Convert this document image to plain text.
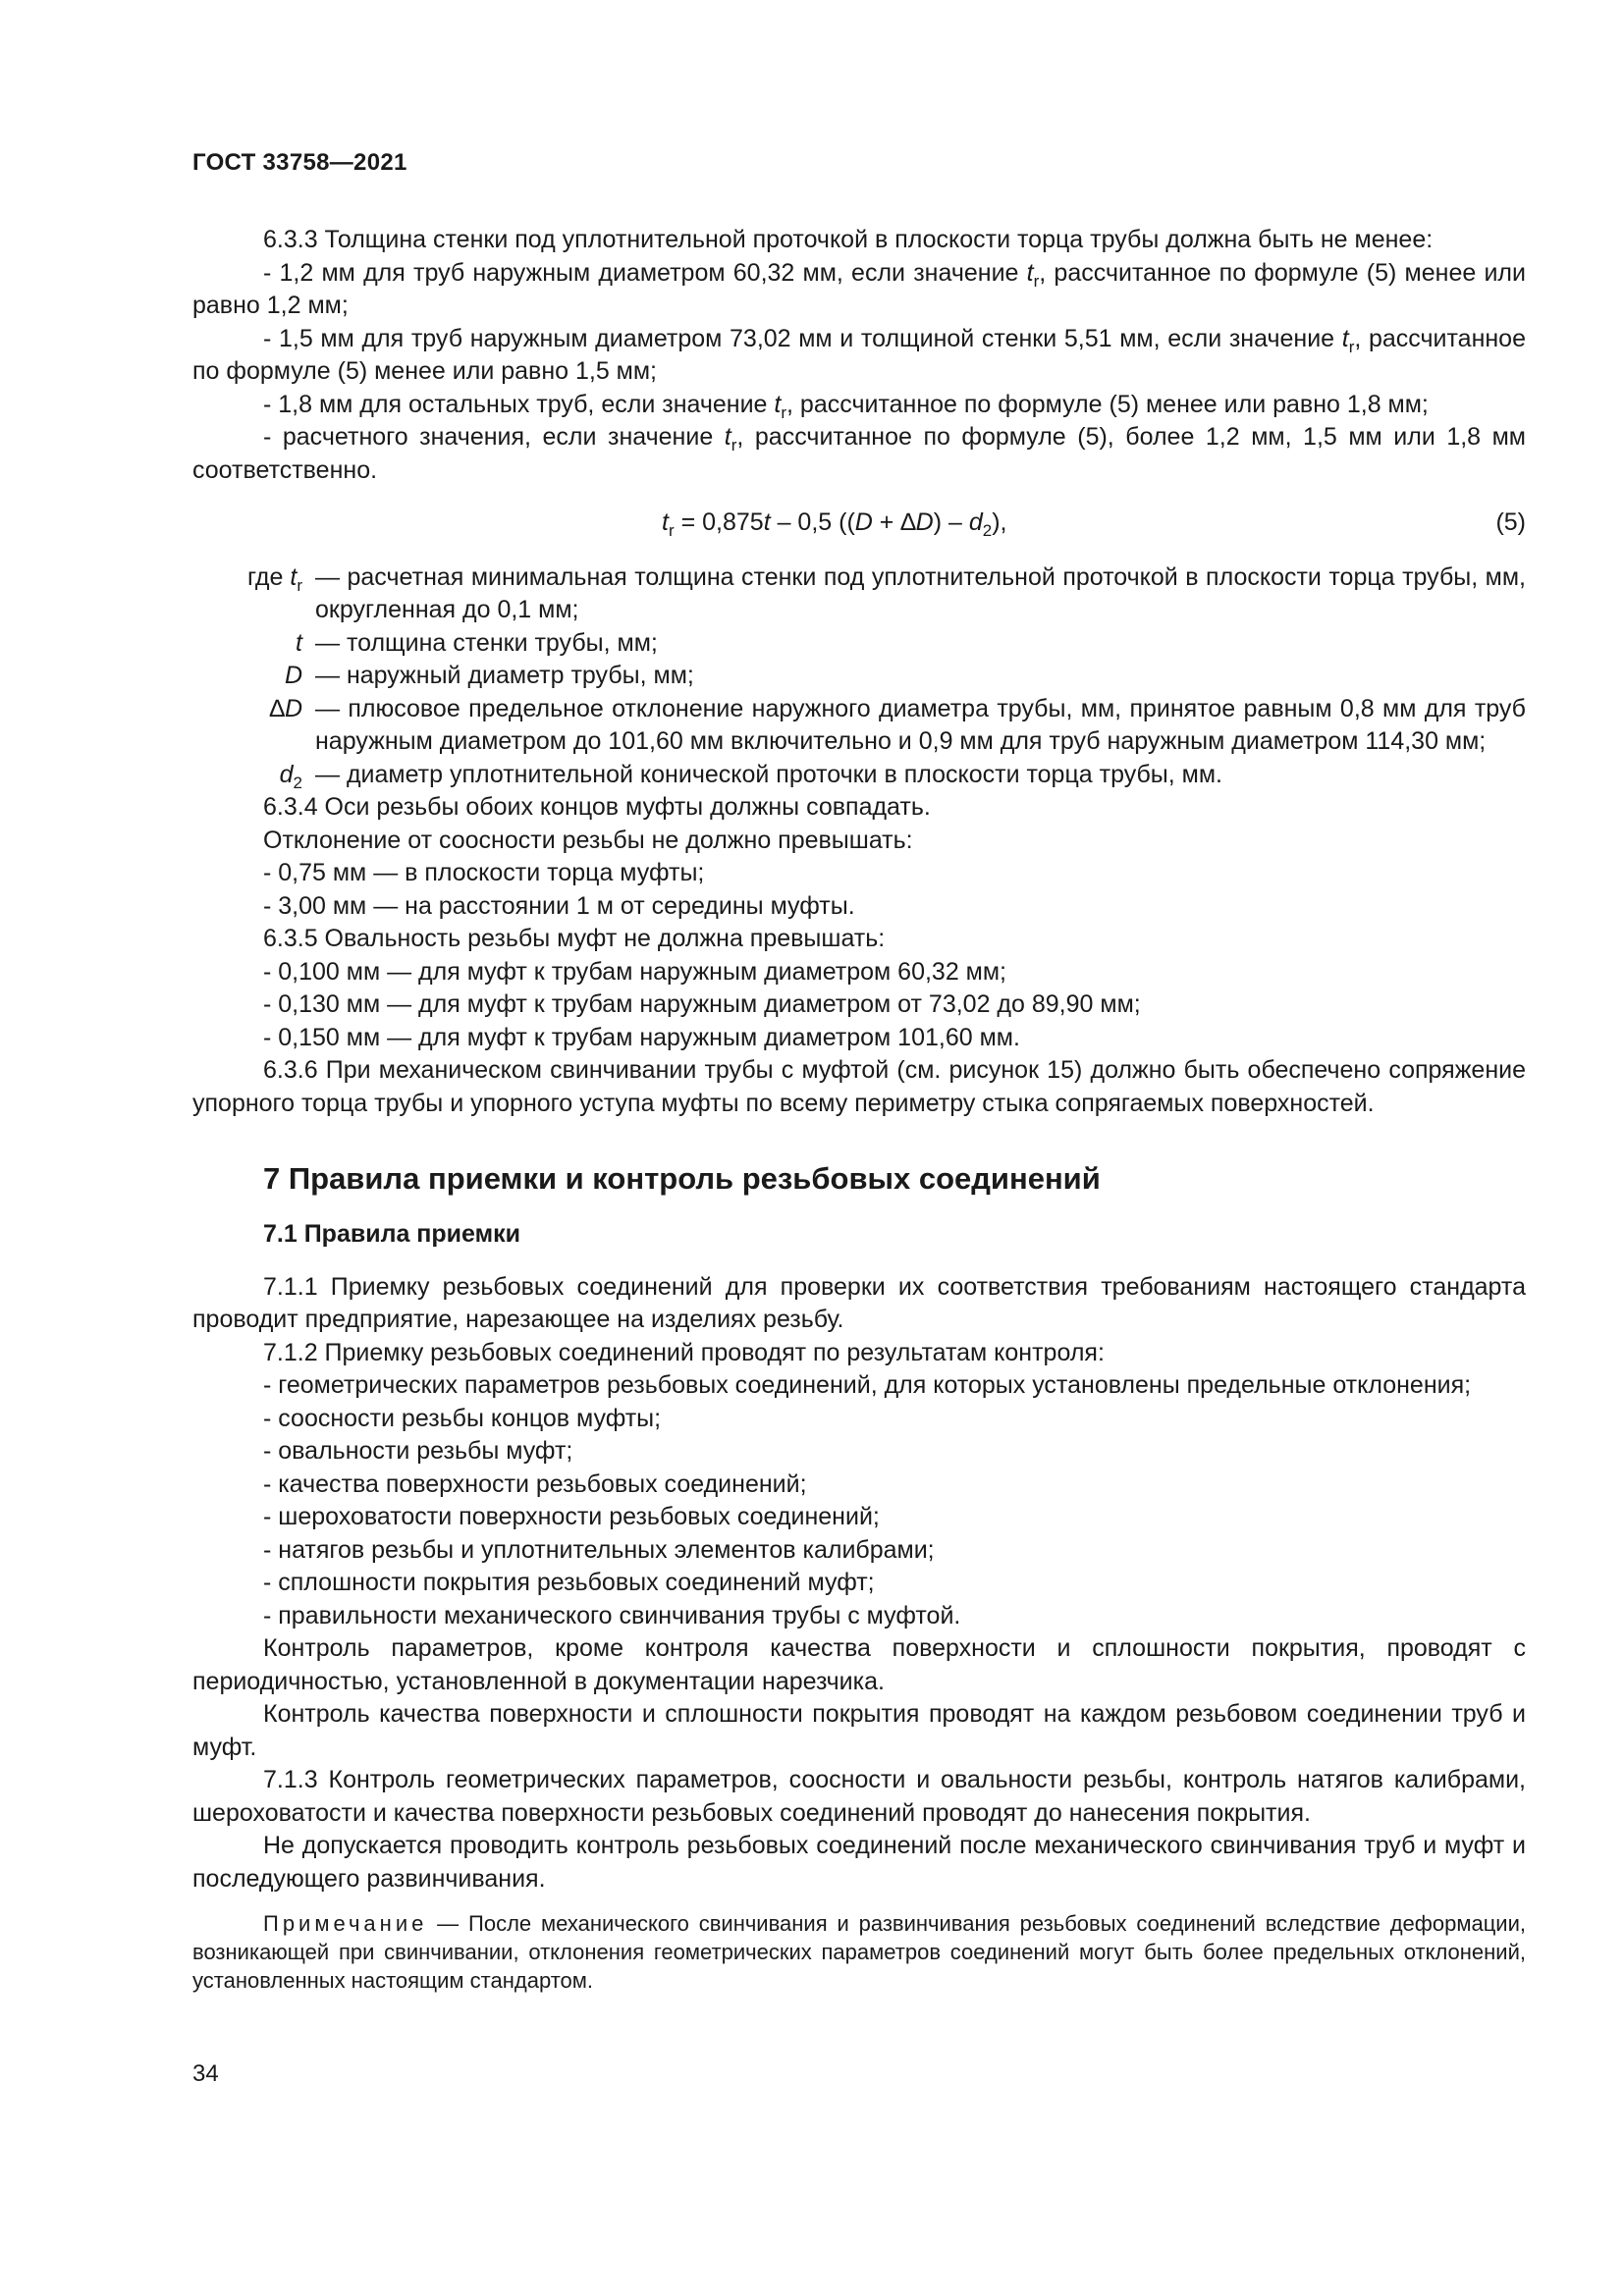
ГОСТ 33758—2021

6.3.3 Толщина стенки под уплотнительной проточкой в плоскости торца трубы должна быть не менее:

- 1,2 мм для труб наружным диаметром 60,32 мм, если значение $t_r$, рассчитанное по формуле (5) менее или равно 1,2 мм;

- 1,5 мм для труб наружным диаметром 73,02 мм и толщиной стенки 5,51 мм, если значение $t_r$, рассчитанное по формуле (5) менее или равно 1,5 мм;

- 1,8 мм для остальных труб, если значение $t_r$, рассчитанное по формуле (5) менее или равно 1,8 мм;

- расчетного значения, если значение $t_r$, рассчитанное по формуле (5), более 1,2 мм, 1,5 мм или 1,8 мм соответственно.

$t_r = 0,875t - 0,5$ $((D + \Delta D) - d_2)$,	(5)

где $t_r$ — расчетная минимальная толщина стенки под уплотнительной проточкой в плоскости торца трубы, мм, округленная до 0,1 мм;

t — толщина стенки трубы, мм;

D — наружный диаметр трубы, мм;

∆D — плюсовое предельное отклонение наружного диаметра трубы, мм, принятое равным 0,8 мм для труб наружным диаметром до 101,60 мм включительно и 0,9 мм для труб наружным диаметром 114,30 мм;

$d_2$ — диаметр уплотнительной конической проточки в плоскости торца трубы, мм.

6.3.4 Оси резьбы обоих концов муфты должны совпадать.

Отклонение от соосности резьбы не должно превышать:

- 0,75 мм — в плоскости торца муфты;

- 3,00 мм — на расстоянии 1 м от середины муфты.

6.3.5 Овальность резьбы муфт не должна превышать:

- 0,100 мм — для муфт к трубам наружным диаметром 60,32 мм;

- 0,130 мм — для муфт к трубам наружным диаметром от 73,02 до 89,90 мм;

- 0,150 мм — для муфт к трубам наружным диаметром 101,60 мм.

6.3.6 При механическом свинчивании трубы с муфтой (см. рисунок 15) должно быть обеспечено сопряжение упорного торца трубы и упорного уступа муфты по всему периметру стыка сопрягаемых поверхностей.

7 Правила приемки и контроль резьбовых соединений
7.1 Правила приемки

7.1.1 Приемку резьбовых соединений для проверки их соответствия требованиям настоящего стандарта проводит предприятие, нарезающее на изделиях резьбу.

7.1.2 Приемку резьбовых соединений проводят по результатам контроля:

- геометрических параметров резьбовых соединений, для которых установлены предельные отклонения;

- соосности резьбы концов муфты;

- овальности резьбы муфт;

- качества поверхности резьбовых соединений;

- шероховатости поверхности резьбовых соединений;

- натягов резьбы и уплотнительных элементов калибрами;

- сплошности покрытия резьбовых соединений муфт;

- правильности механического свинчивания трубы с муфтой.

Контроль параметров, кроме контроля качества поверхности и сплошности покрытия, проводят с периодичностью, установленной в документации нарезчика.

Контроль качества поверхности и сплошности покрытия проводят на каждом резьбовом соединении труб и муфт.

7.1.3 Контроль геометрических параметров, соосности и овальности резьбы, контроль натягов калибрами, шероховатости и качества поверхности резьбовых соединений проводят до нанесения покрытия.

Не допускается проводить контроль резьбовых соединений после механического свинчивания труб и муфт и последующего развинчивания.

Примечание — После механического свинчивания и развинчивания резьбовых соединений вследствие деформации, возникающей при свинчивании, отклонения геометрических параметров соединений могут быть более предельных отклонений, установленных настоящим стандартом.

34
